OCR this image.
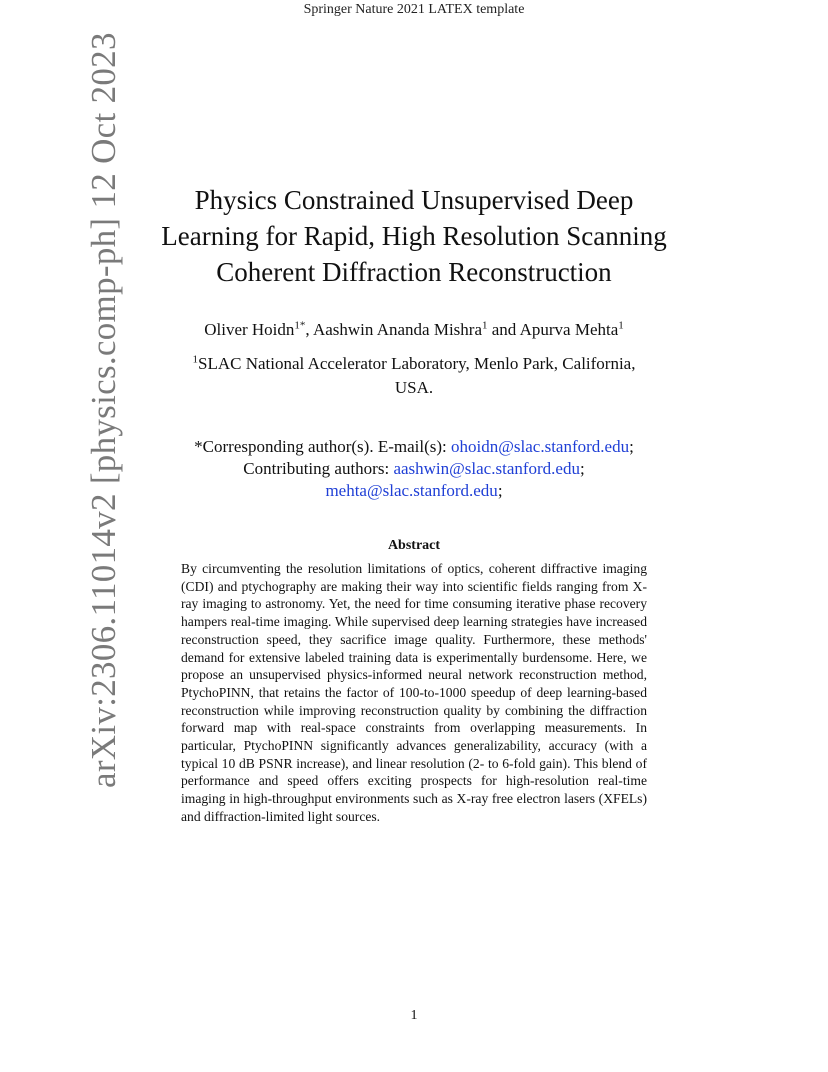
Springer Nature 2021 LATEX template
arXiv:2306.11014v2 [physics.comp-ph] 12 Oct 2023	Physics Constrained Unsupervised Deep
Learning for Rapid, High Resolution Scanning
Coherent Diffraction Reconstruction
Oliver Hoidn$^{1*}$, Aashwin Ananda Mishra$^1$ and Apurva Mehta$^1$
$^1$SLAC National Accelerator Laboratory, Menlo Park, California,
USA.
*Corresponding author(s). E-mail(s): ohoidn@slac.stanford.edu;
Contributing authors: aashwin@slac.stanford.edu;
mehta@slac.stanford.edu;
Abstract

By circumventing the resolution limitations of optics, coherent diffractive imaging (CDI) and ptychography are making their way into scientific fields ranging from X-ray imaging to astronomy. Yet, the need for time consuming iterative phase recovery hampers real-time imaging. While supervised deep learning strategies have increased reconstruction speed, they sacrifice image quality. Furthermore, these methods' demand for extensive labeled training data is experimentally burdensome. Here, we propose an unsupervised physics-informed neural network reconstruction method, PtychoPINN, that retains the factor of 100-to-1000 speedup of deep learning-based reconstruction while improving reconstruction quality by combining the diffraction forward map with real-space constraints from overlapping measurements. In particular, PtychoPINN significantly advances generalizability, accuracy (with a typical 10 dB PSNR increase), and linear resolution (2- to 6-fold gain). This blend of performance and speed offers exciting prospects for high-resolution real-time imaging in high-throughput environments such as X-ray free electron lasers (XFELs) and diffraction-limited light sources.

1
